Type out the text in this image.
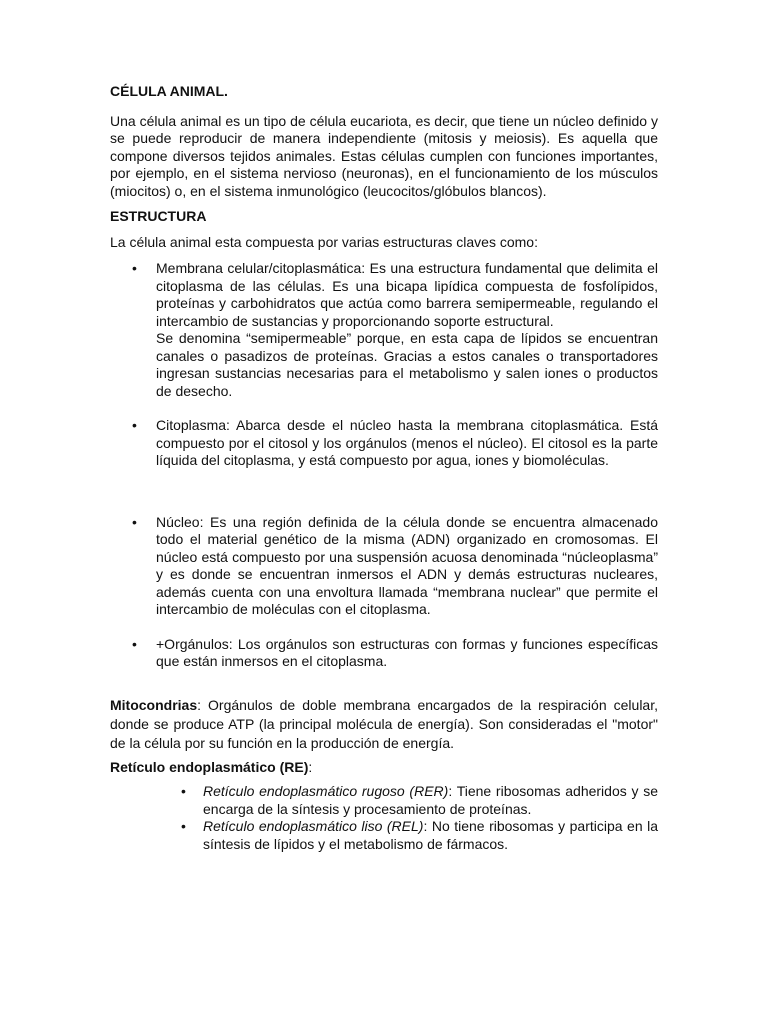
CÉLULA ANIMAL.

Una célula animal es un tipo de célula eucariota, es decir, que tiene un núcleo definido y se puede reproducir de manera independiente (mitosis y meiosis). Es aquella que compone diversos tejidos animales. Estas células cumplen con funciones importantes, por ejemplo, en el sistema nervioso (neuronas), en el funcionamiento de los músculos (miocitos) o, en el sistema inmunológico (leucocitos/glóbulos blancos).

ESTRUCTURA

La célula animal esta compuesta por varias estructuras claves como:

• Membrana celular/citoplasmática: Es una estructura fundamental que delimita el citoplasma de las células. Es una bicapa lipídica compuesta de fosfolípidos, proteínas y carbohidratos que actúa como barrera semipermeable, regulando el intercambio de sustancias y proporcionando soporte estructural.

Se denomina “semipermeable” porque, en esta capa de lípidos se encuentran canales o pasadizos de proteínas. Gracias a estos canales o transportadores ingresan sustancias necesarias para el metabolismo y salen iones o productos de desecho.

• Citoplasma: Abarca desde el núcleo hasta la membrana citoplasmática. Está compuesto por el citosol y los orgánulos (menos el núcleo). El citosol es la parte líquida del citoplasma, y está compuesto por agua, iones y biomoléculas.

• Núcleo: Es una región definida de la célula donde se encuentra almacenado todo el material genético de la misma (ADN) organizado en cromosomas. El núcleo está compuesto por una suspensión acuosa denominada “núcleoplasma” y es donde se encuentran inmersos el ADN y demás estructuras nucleares, además cuenta con una envoltura llamada “membrana nuclear” que permite el intercambio de moléculas con el citoplasma.

• +Orgánulos: Los orgánulos son estructuras con formas y funciones específicas que están inmersos en el citoplasma.

Mitocondrias: Orgánulos de doble membrana encargados de la respiración celular, donde se produce ATP (la principal molécula de energía). Son consideradas el "motor" de la célula por su función en la producción de energía.

Retículo endoplasmático (RE):

• Retículo endoplasmático rugoso (RER): Tiene ribosomas adheridos y se encarga de la síntesis y procesamiento de proteínas.
• Retículo endoplasmático liso (REL): No tiene ribosomas y participa en la síntesis de lípidos y el metabolismo de fármacos.
